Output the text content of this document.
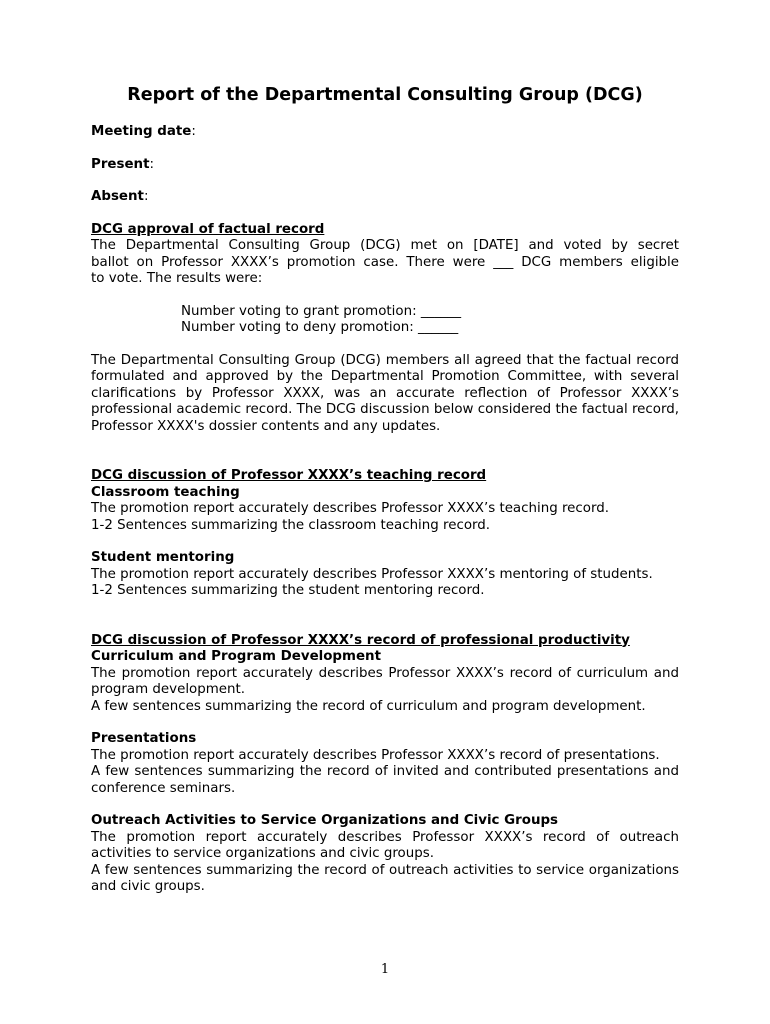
Report of the Departmental Consulting Group (DCG)
Meeting date:
Present:
Absent:
DCG approval of factual record

The Departmental Consulting Group (DCG) met on [DATE] and voted by secret

ballot on Professor XXXX’s promotion case. There were ___ DCG members eligible

to vote. The results were:

Number voting to grant promotion: ______
Number voting to deny promotion: ______

The Departmental Consulting Group (DCG) members all agreed that the factual record formulated and approved by the Departmental Promotion Committee, with several clarifications by Professor XXXX, was an accurate reflection of Professor XXXX’s professional academic record. The DCG discussion below considered the factual record, Professor XXXX's dossier contents and any updates.

DCG discussion of Professor XXXX’s teaching record
Classroom teaching

The promotion report accurately describes Professor XXXX’s teaching record.

1-2 Sentences summarizing the classroom teaching record.

Student mentoring

The promotion report accurately describes Professor XXXX’s mentoring of students.

1-2 Sentences summarizing the student mentoring record.

DCG discussion of Professor XXXX’s record of professional productivity
Curriculum and Program Development

The promotion report accurately describes Professor XXXX’s record of curriculum and program development.

A few sentences summarizing the record of curriculum and program development.

Presentations

The promotion report accurately describes Professor XXXX’s record of presentations.

A few sentences summarizing the record of invited and contributed presentations and conference seminars.

Outreach Activities to Service Organizations and Civic Groups

The promotion report accurately describes Professor XXXX’s record of outreach activities to service organizations and civic groups.

A few sentences summarizing the record of outreach activities to service organizations and civic groups.

1
